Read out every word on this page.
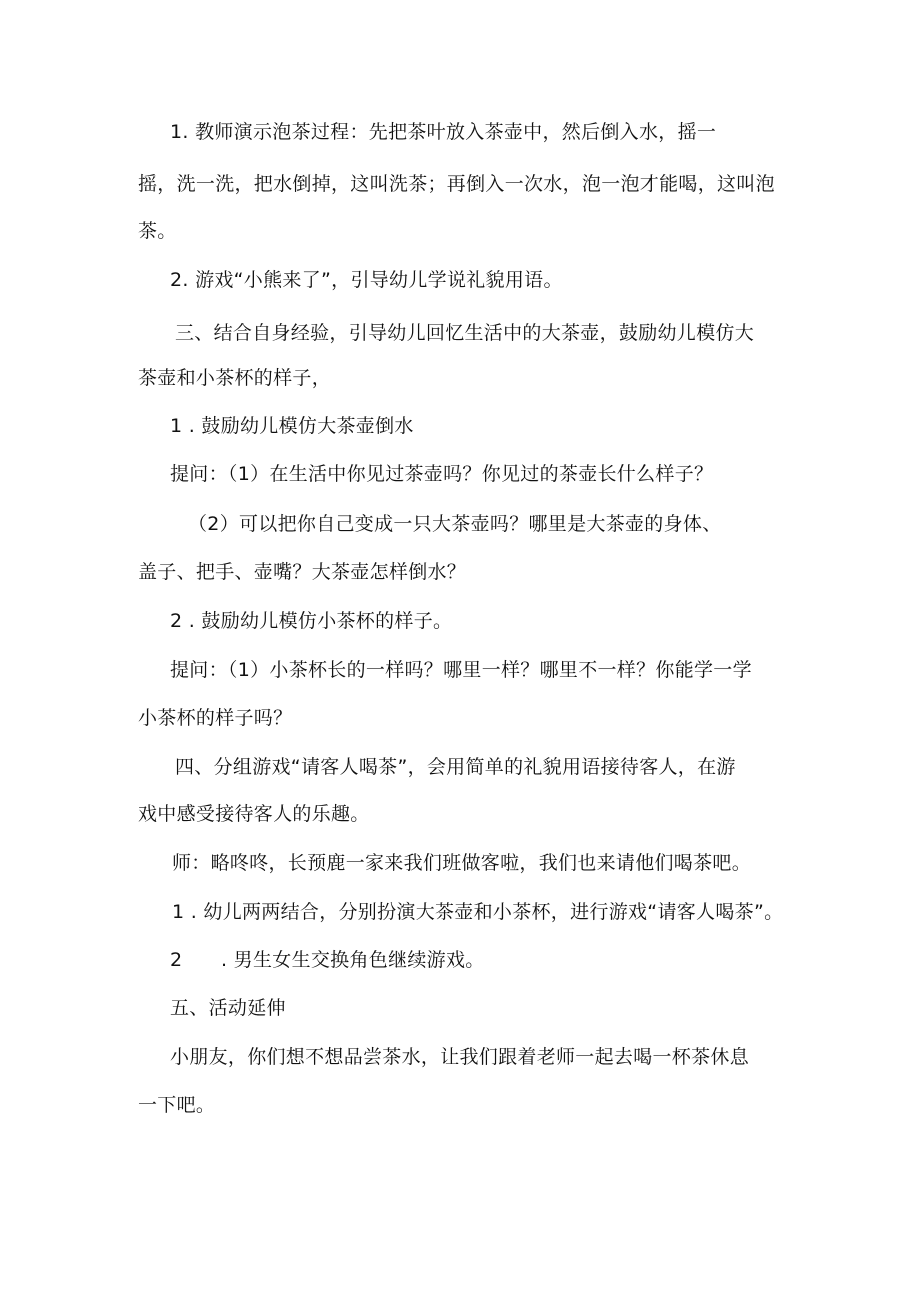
1. 教师演示泡茶过程：先把茶叶放入茶壶中，然后倒入水，摇一
摇，洗一洗，把水倒掉，这叫洗茶；再倒入一次水，泡一泡才能喝，这叫泡
茶。
2. 游戏“小熊来了”，引导幼儿学说礼貌用语。
三、结合自身经验，引导幼儿回忆生活中的大茶壶，鼓励幼儿模仿大
茶壶和小茶杯的样子，
1 . 鼓励幼儿模仿大茶壶倒水
提问：（1）在生活中你见过茶壶吗？你见过的茶壶长什么样子？
（2）可以把你自己变成一只大茶壶吗？哪里是大茶壶的身体、
盖子、把手、壶嘴？大茶壶怎样倒水？
2 . 鼓励幼儿模仿小茶杯的样子。
提问：（1）小茶杯长的一样吗？哪里一样？哪里不一样？你能学一学
小茶杯的样子吗？
四、分组游戏“请客人喝茶”，会用简单的礼貌用语接待客人，在游
戏中感受接待客人的乐趣。
师：略咚咚，长预鹿一家来我们班做客啦，我们也来请他们喝茶吧。
1 . 幼儿两两结合，分别扮演大茶壶和小茶杯，进行游戏“请客人喝茶”。
2　　. 男生女生交换角色继续游戏。
五、活动延伸
小朋友，你们想不想品尝茶水，让我们跟着老师一起去喝一杯茶休息
一下吧。
